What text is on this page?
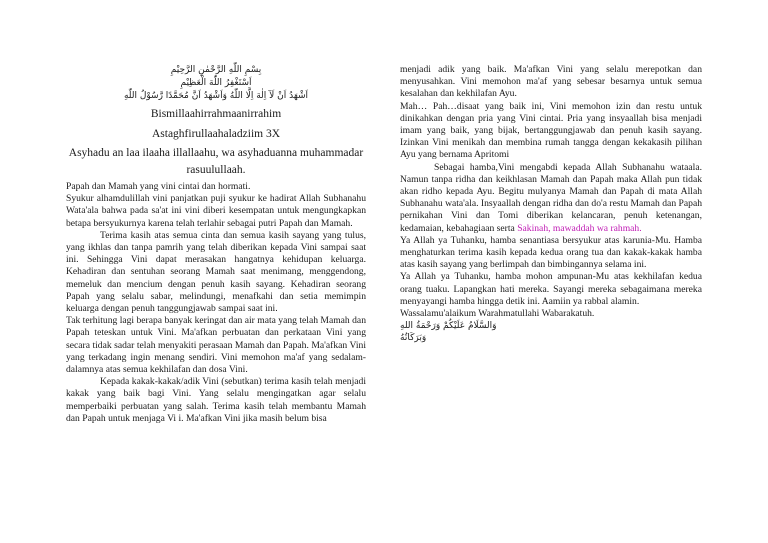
بِسْمِ اللّٰهِ الرَّحْمٰنِ الرَّحِيْمِ
اَسْتَغْفِرُ اللّٰهَ الْعَظِيْمِ
اَشْهَدُ اَنْ لَآ اِلٰهَ اِلَّا اللّٰهُ وَاَشْهَدُ اَنَّ مُحَمَّدًا رَّسُوْلُ اللّٰهِ
Bismillaahirrahmaanirrahim
Astaghfirullaahaladziim 3X
Asyhadu an laa ilaaha illallaahu, wa asyhaduanna muhammadar rasuulullaah.

Papah dan Mamah yang vini cintai dan hormati.

Syukur alhamdulillah vini panjatkan puji syukur ke hadirat Allah Subhanahu Wata'ala bahwa pada sa'at ini vini diberi kesempatan untuk mengungkapkan betapa bersyukurnya karena telah terlahir sebagai putri Papah dan Mamah.

Terima kasih atas semua cinta dan semua kasih sayang yang tulus, yang ikhlas dan tanpa pamrih yang telah diberikan kepada Vini sampai saat ini. Sehingga Vini dapat merasakan hangatnya kehidupan keluarga. Kehadiran dan sentuhan seorang Mamah saat menimang, menggendong, memeluk dan mencium dengan penuh kasih sayang. Kehadiran seorang Papah yang selalu sabar, melindungi, menafkahi dan setia memimpin keluarga dengan penuh tanggungjawab sampai saat ini.

Tak terhitung lagi berapa banyak keringat dan air mata yang telah Mamah dan Papah teteskan untuk Vini. Ma'afkan perbuatan dan perkataan Vini yang secara tidak sadar telah menyakiti perasaan Mamah dan Papah. Ma'afkan Vini yang terkadang ingin menang sendiri. Vini memohon ma'af yang sedalam-dalamnya atas semua kekhilafan dan dosa Vini.

Kepada kakak-kakak/adik Vini (sebutkan) terima kasih telah menjadi kakak yang baik bagi Vini. Yang selalu mengingatkan agar selalu memperbaiki perbuatan yang salah. Terima kasih telah membantu Mamah dan Papah untuk menjaga Vi i. Ma'afkan Vini jika masih belum bisa

menjadi adik yang baik. Ma'afkan Vini yang selalu merepotkan dan menyusahkan. Vini memohon ma'af yang sebesar besarnya untuk semua kesalahan dan kekhilafan Ayu.

Mah… Pah…disaat yang baik ini, Vini memohon izin dan restu untuk dinikahkan dengan pria yang Vini cintai. Pria yang insyaallah bisa menjadi imam yang baik, yang bijak, bertanggungjawab dan penuh kasih sayang. Izinkan Vini menikah dan membina rumah tangga dengan kekakasih pilihan Ayu yang bernama Apritomi

Sebagai hamba,Vini mengabdi kepada Allah Subhanahu wataala. Namun tanpa ridha dan keikhlasan Mamah dan Papah maka Allah pun tidak akan ridho kepada Ayu. Begitu mulyanya Mamah dan Papah di mata Allah Subhanahu wata'ala. Insyaallah dengan ridha dan do'a restu Mamah dan Papah pernikahan Vini dan Tomi diberikan kelancaran, penuh ketenangan, kedamaian, kebahagiaan serta Sakinah, mawaddah wa rahmah.

Ya Allah ya Tuhanku, hamba senantiasa bersyukur atas karunia-Mu. Hamba menghaturkan terima kasih kepada kedua orang tua dan kakak-kakak hamba atas kasih sayang yang berlimpah dan bimbingannya selama ini.

Ya Allah ya Tuhanku, hamba mohon ampunan-Mu atas kekhilafan kedua orang tuaku. Lapangkan hati mereka. Sayangi mereka sebagaimana mereka menyayangi hamba hingga detik ini. Aamiin ya rabbal alamin.

Wassalamu'alaikum Warahmatullahi Wabarakatuh.

وَالسَّلَامُ عَلَيْكُمْ وَرَحْمَةُ اللهِ وَبَرَكَاتُهُ
